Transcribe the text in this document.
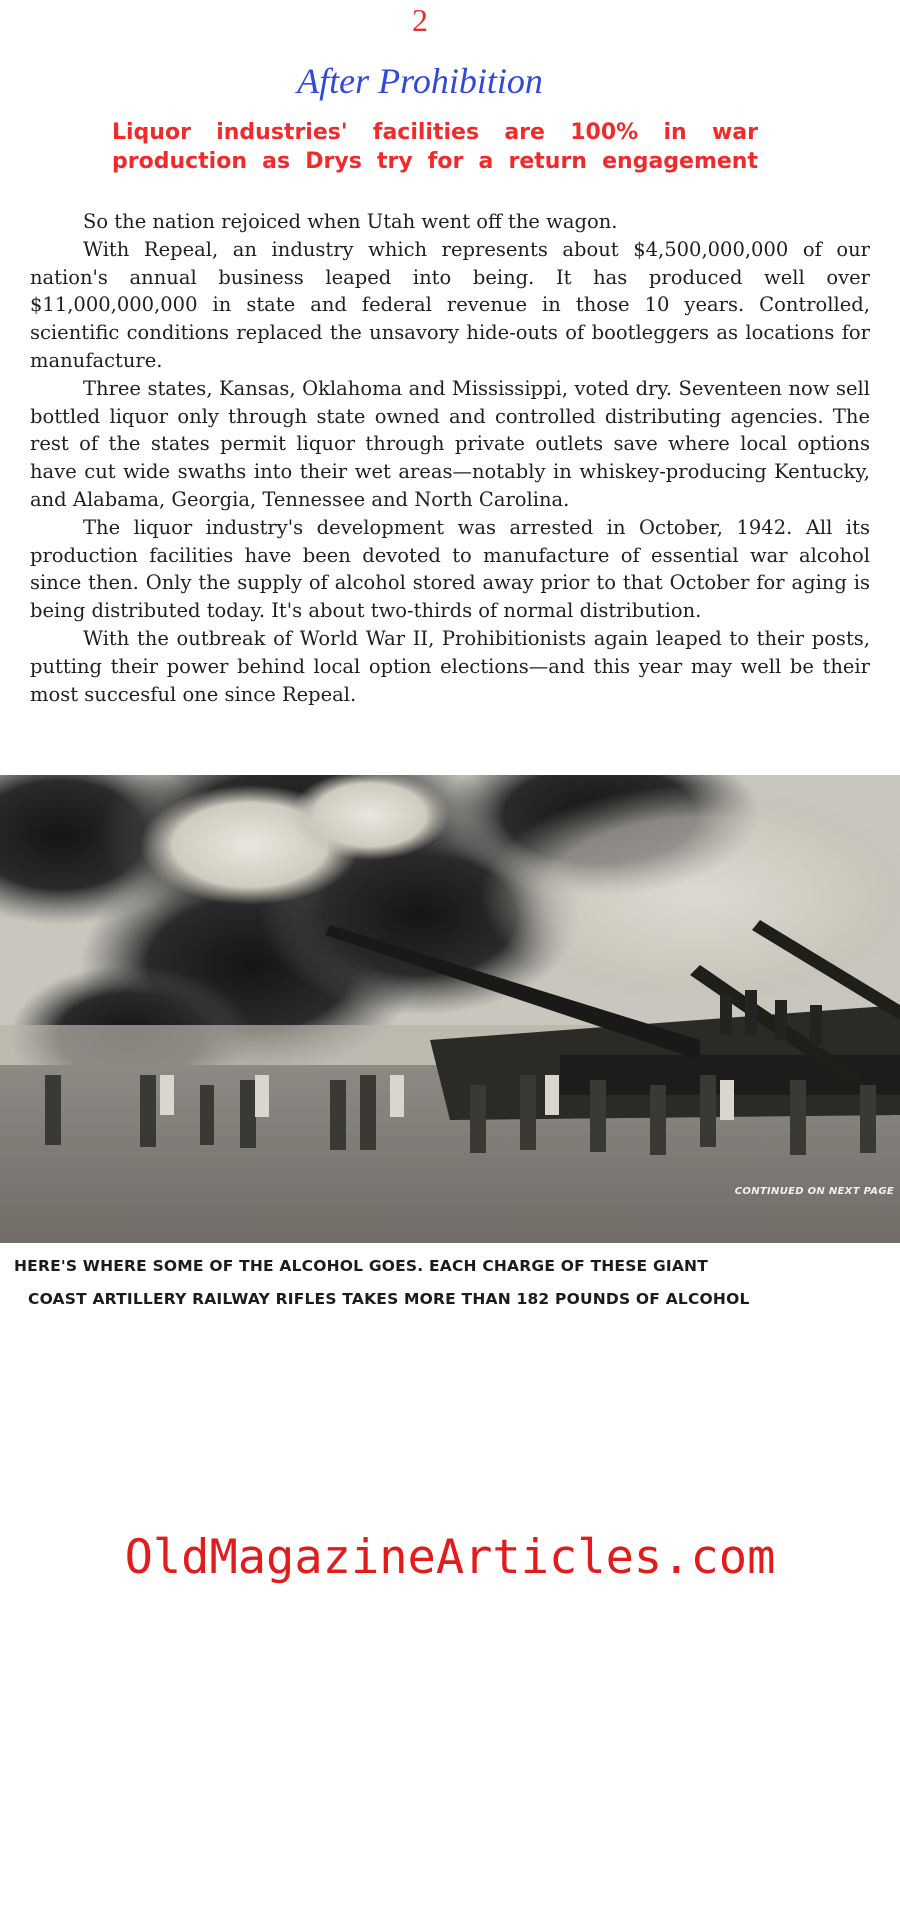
2
After Prohibition
Liquor industries' facilities are 100% in war production as Drys try for a return engagement

So the nation rejoiced when Utah went off the wagon.

With Repeal, an industry which represents about $4,500,000,000 of our nation's annual business leaped into being. It has produced well over $11,000,000,000 in state and federal revenue in those 10 years. Controlled, scientific conditions replaced the unsavory hide-outs of bootleggers as locations for manufacture.

Three states, Kansas, Oklahoma and Mississippi, voted dry. Seventeen now sell bottled liquor only through state owned and controlled distributing agencies. The rest of the states permit liquor through private outlets save where local options have cut wide swaths into their wet areas—notably in whiskey-producing Kentucky, and Alabama, Georgia, Tennessee and North Carolina.

The liquor industry's development was arrested in October, 1942. All its production facilities have been devoted to manufacture of essential war alcohol since then. Only the supply of alcohol stored away prior to that October for aging is being distributed today. It's about two-thirds of normal distribution.

With the outbreak of World War II, Prohibitionists again leaped to their posts, putting their power behind local option elections—and this year may well be their most succesful one since Repeal.

CONTINUED ON NEXT PAGE
HERE'S WHERE SOME OF THE ALCOHOL GOES. EACH CHARGE OF THESE GIANT
COAST ARTILLERY RAILWAY RIFLES TAKES MORE THAN 182 POUNDS OF ALCOHOL
OldMagazineArticles.com
